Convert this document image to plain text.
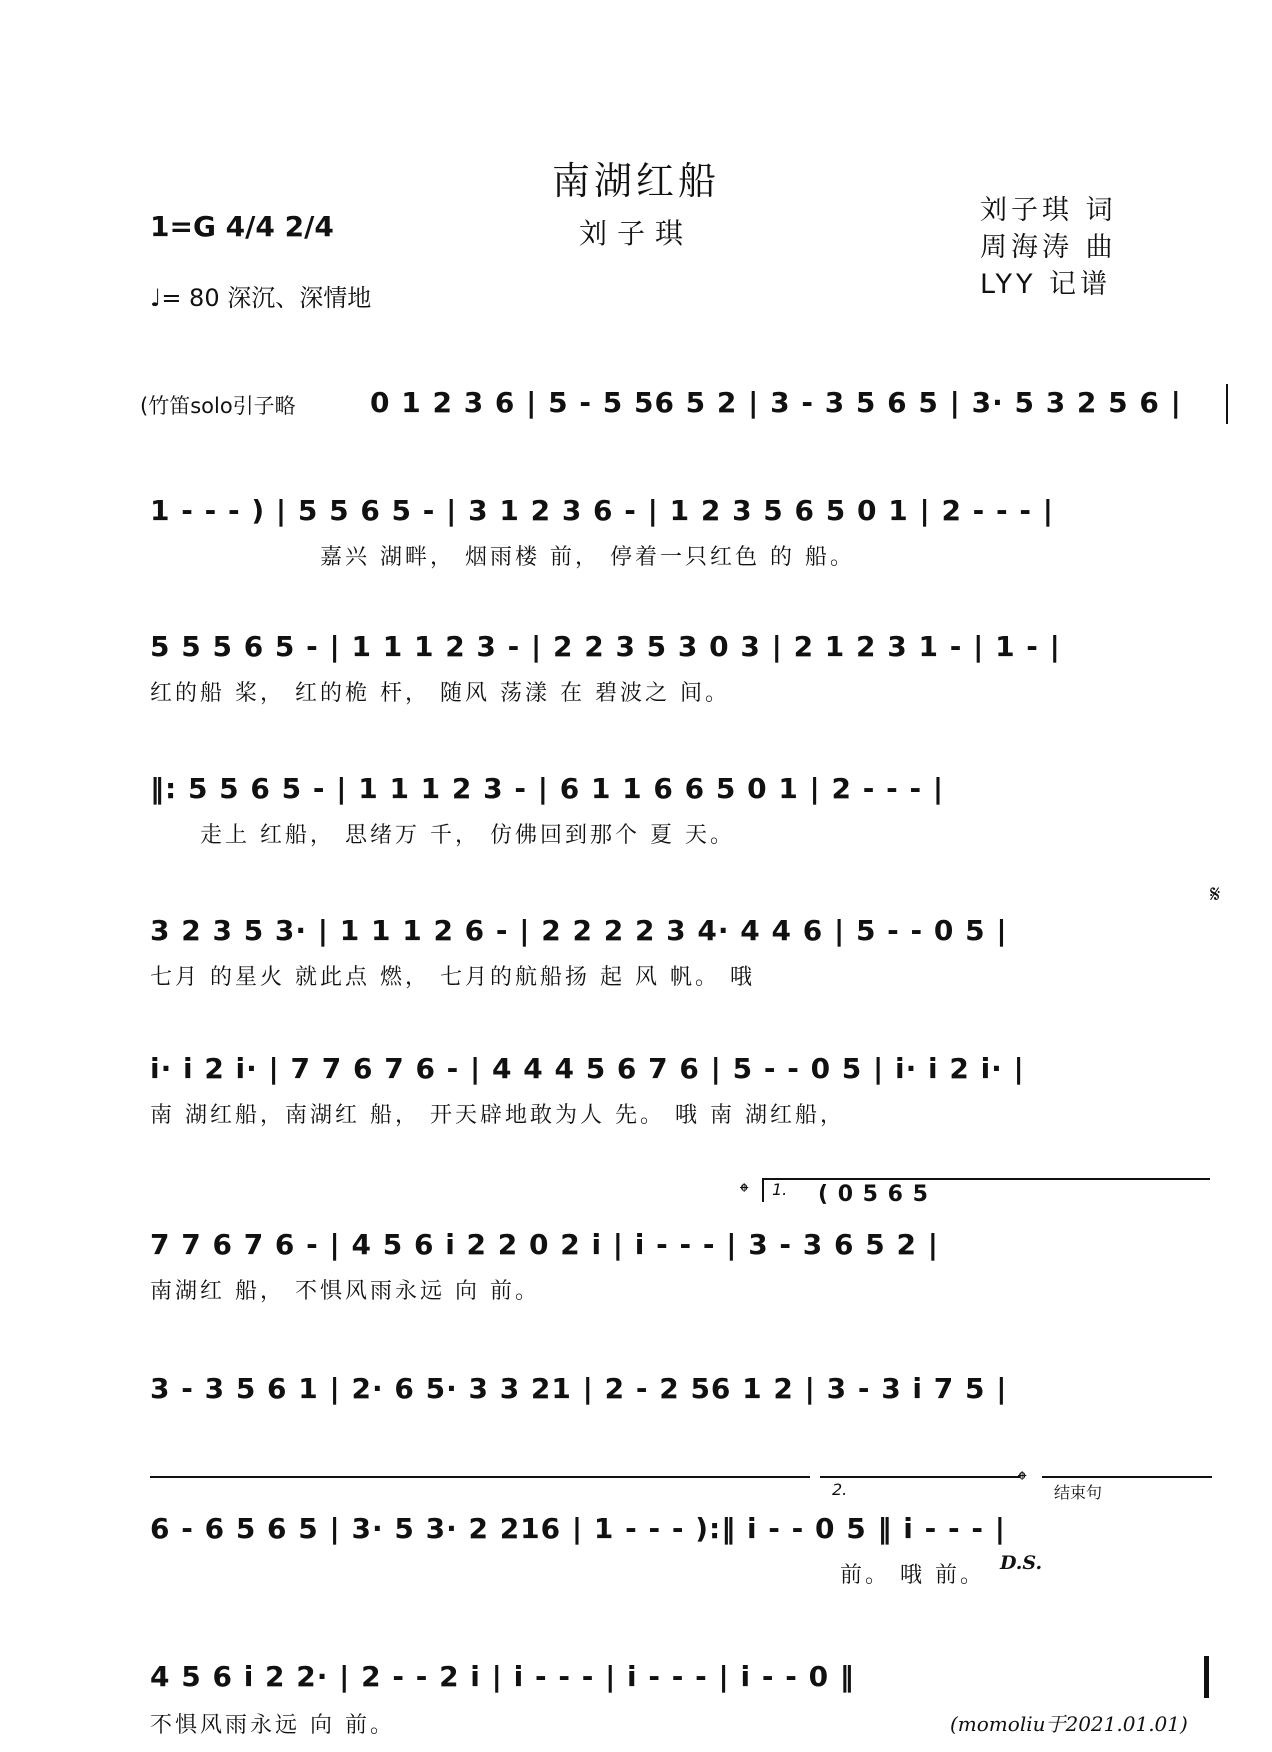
南湖红船
刘子琪
1=G 4/4 2/4
♩= 80 深沉、深情地
刘子琪 词
周海涛 曲
LYY 记谱
(竹笛solo引子略	0 1 2 3 6 | 5 - 5 56 5 2 | 3 - 3 5 6 5 | 3· 5 3 2 5 6 |
1 - - - ) | 5 5 6 5 - | 3 1 2 3 6 - | 1 2 3 5 6 5 0 1 | 2 - - - |
嘉兴 湖畔， 烟雨楼 前， 停着一只红色 的 船。
5 5 5 6 5 - | 1 1 1 2 3 - | 2 2 3 5 3 0 3 | 2 1 2 3 1 - | 1 - |
红的船 桨， 红的桅 杆， 随风 荡漾 在 碧波之 间。
‖: 5 5 6 5 - | 1 1 1 2 3 - | 6 1 1 6 6 5 0 1 | 2 - - - |
走上 红船， 思绪万 千， 仿佛回到那个 夏 天。
𝄋
3 2 3 5 3· | 1 1 1 2 6 - | 2 2 2 2 3 4· 4 4 6 | 5 - - 0 5 |
七月 的星火 就此点 燃， 七月的航船扬 起 风 帆。 哦
i· i 2 i· | 7 7 6 7 6 - | 4 4 4 5 6 7 6 | 5 - - 0 5 | i· i 2 i· |
南 湖红船，南湖红 船， 开天辟地敢为人 先。 哦 南 湖红船，
𝄌 1. ( 0 5 6 5
7 7 6 7 6 - | 4 5 6 i 2 2 0 2 i | i - - - | 3 - 3 6 5 2 |
南湖红 船， 不惧风雨永远 向 前。
3 - 3 5 6 1 | 2· 6 5· 3 3 21 | 2 - 2 56 1 2 | 3 - 3 i 7 5 |
2.	𝄌 结束句
6 - 6 5 6 5 | 3· 5 3· 2 216 | 1 - - - ):‖ i - - 0 5 ‖ i - - - |
前。 哦 前。 D.S.
4 5 6 i 2 2· | 2 - - 2 i | i - - - | i - - - | i - - 0 ‖
不惧风雨永远 向 前。	(momoliu于2021.01.01)
